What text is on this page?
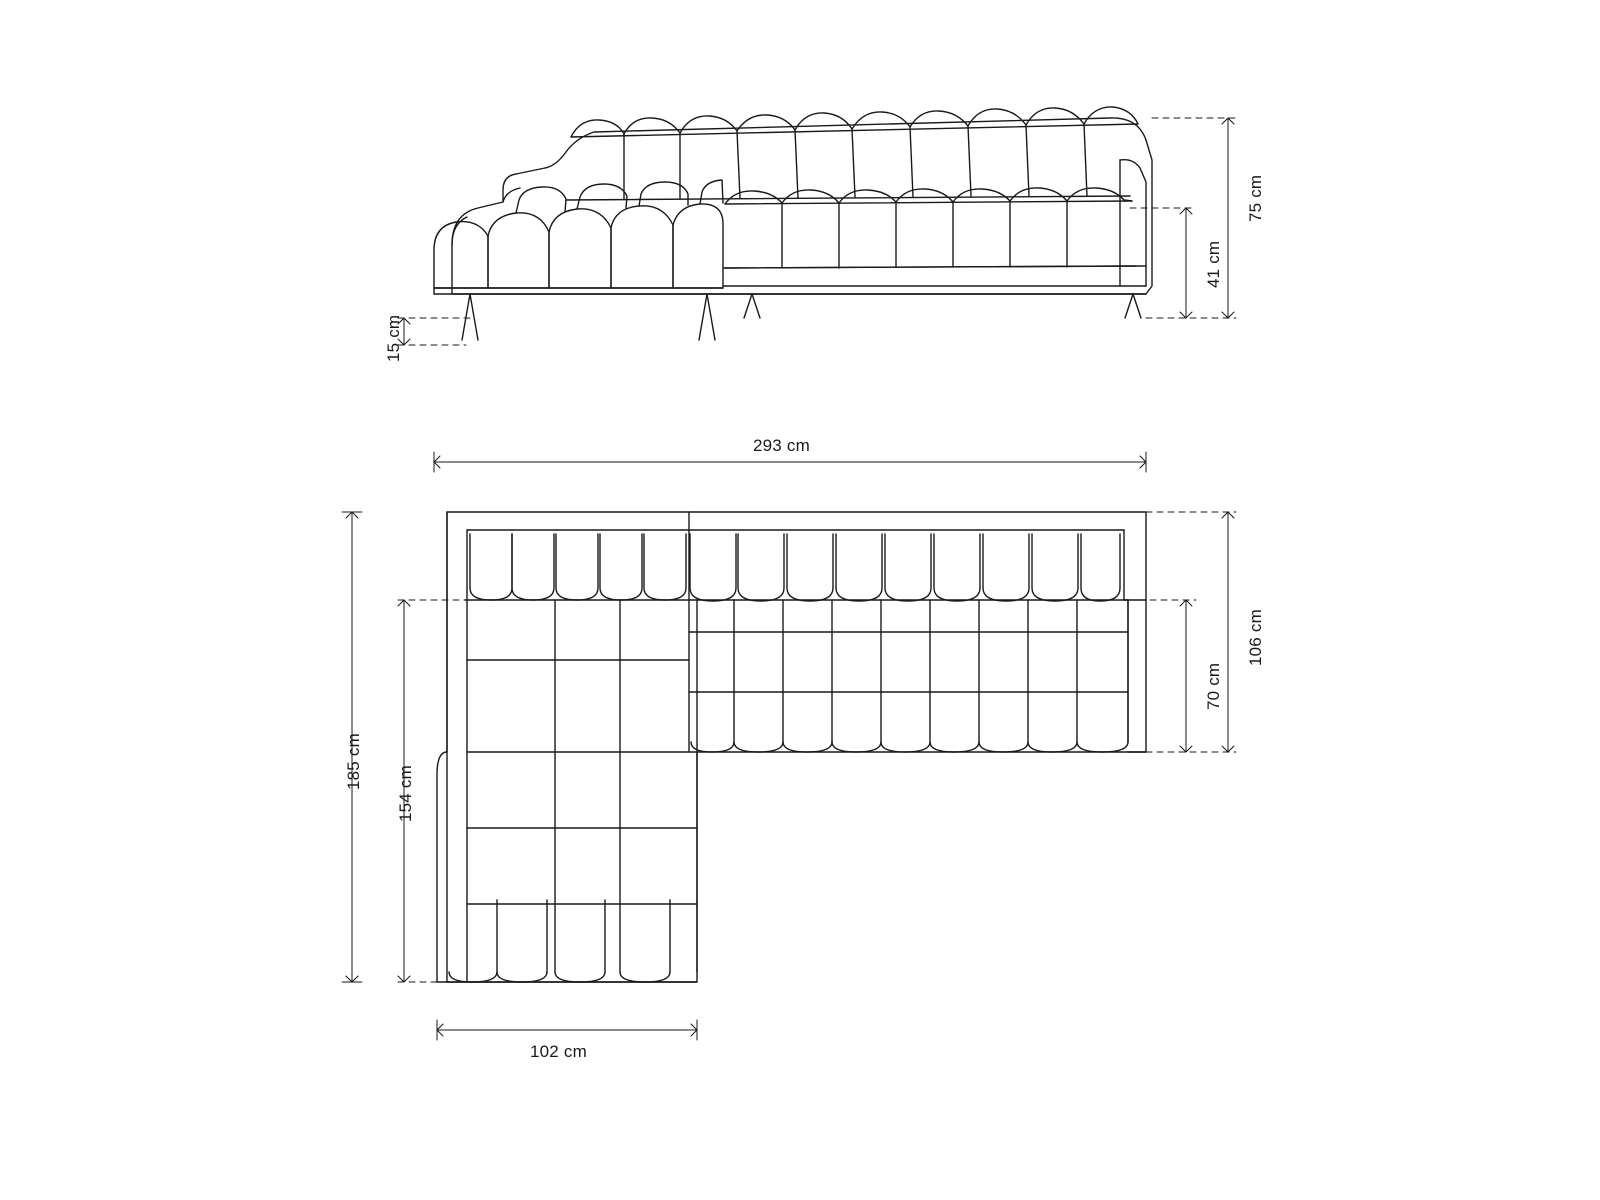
75 cm
41 cm
15 cm
293 cm
185 cm
154 cm
106 cm
70 cm
102 cm
